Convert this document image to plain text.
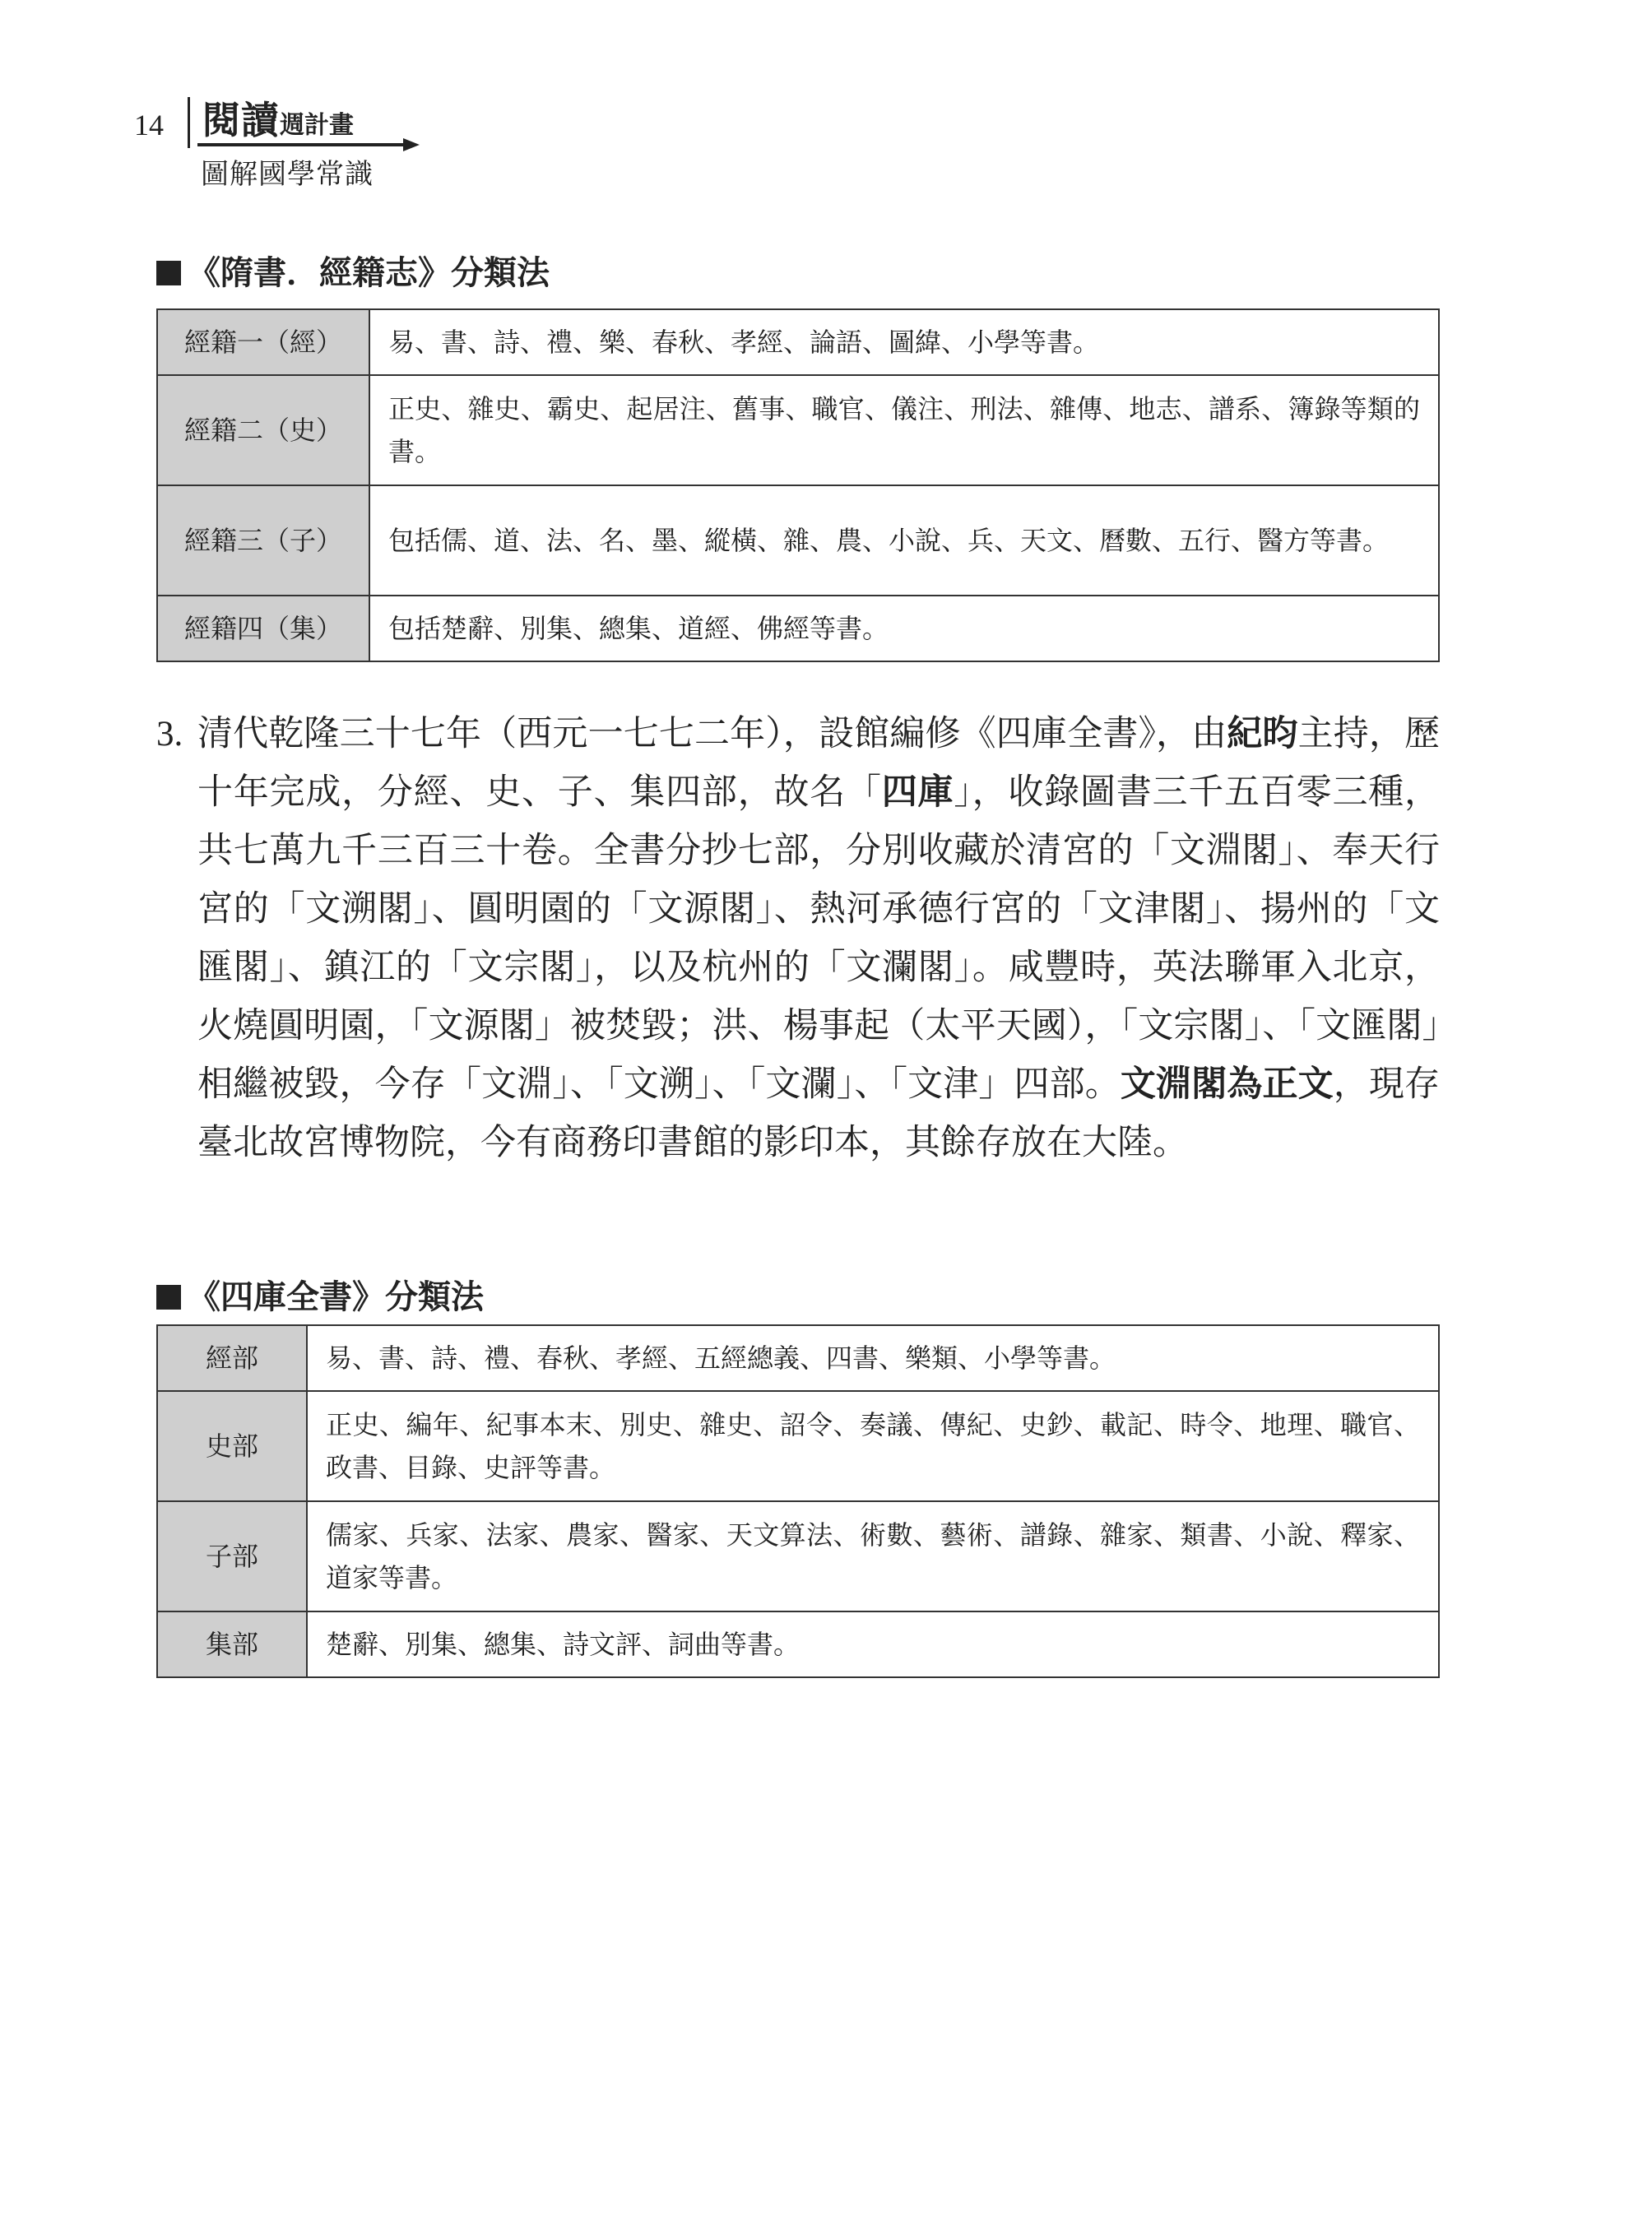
14 閱讀週計畫
圖解國學常識
《隋書．經籍志》分類法
經籍一（經）	易、書、詩、禮、樂、春秋、孝經、論語、圖緯、小學等書。
經籍二（史）	正史、雜史、霸史、起居注、舊事、職官、儀注、刑法、雜傳、地志、譜系、簿錄等類的書。
經籍三（子）	包括儒、道、法、名、墨、縱橫、雜、農、小說、兵、天文、曆數、五行、醫方等書。
經籍四（集）	包括楚辭、別集、總集、道經、佛經等書。
3. 清代乾隆三十七年（西元一七七二年），設館編修《四庫全書》，由紀昀主持，歷十年完成，分經、史、子、集四部，故名「四庫」，收錄圖書三千五百零三種，共七萬九千三百三十卷。全書分抄七部，分別收藏於清宮的「文淵閣」、奉天行宮的「文溯閣」、圓明園的「文源閣」、熱河承德行宮的「文津閣」、揚州的「文匯閣」、鎮江的「文宗閣」，以及杭州的「文瀾閣」。咸豐時，英法聯軍入北京，火燒圓明園，「文源閣」被焚毀；洪、楊事起（太平天國），「文宗閣」、「文匯閣」相繼被毀，今存「文淵」、「文溯」、「文瀾」、「文津」四部。文淵閣為正文，現存臺北故宮博物院，今有商務印書館的影印本，其餘存放在大陸。
《四庫全書》分類法
經部	易、書、詩、禮、春秋、孝經、五經總義、四書、樂類、小學等書。
史部	正史、編年、紀事本末、別史、雜史、詔令、奏議、傳紀、史鈔、載記、時令、地理、職官、政書、目錄、史評等書。
子部	儒家、兵家、法家、農家、醫家、天文算法、術數、藝術、譜錄、雜家、類書、小說、釋家、道家等書。
集部	楚辭、別集、總集、詩文評、詞曲等書。
